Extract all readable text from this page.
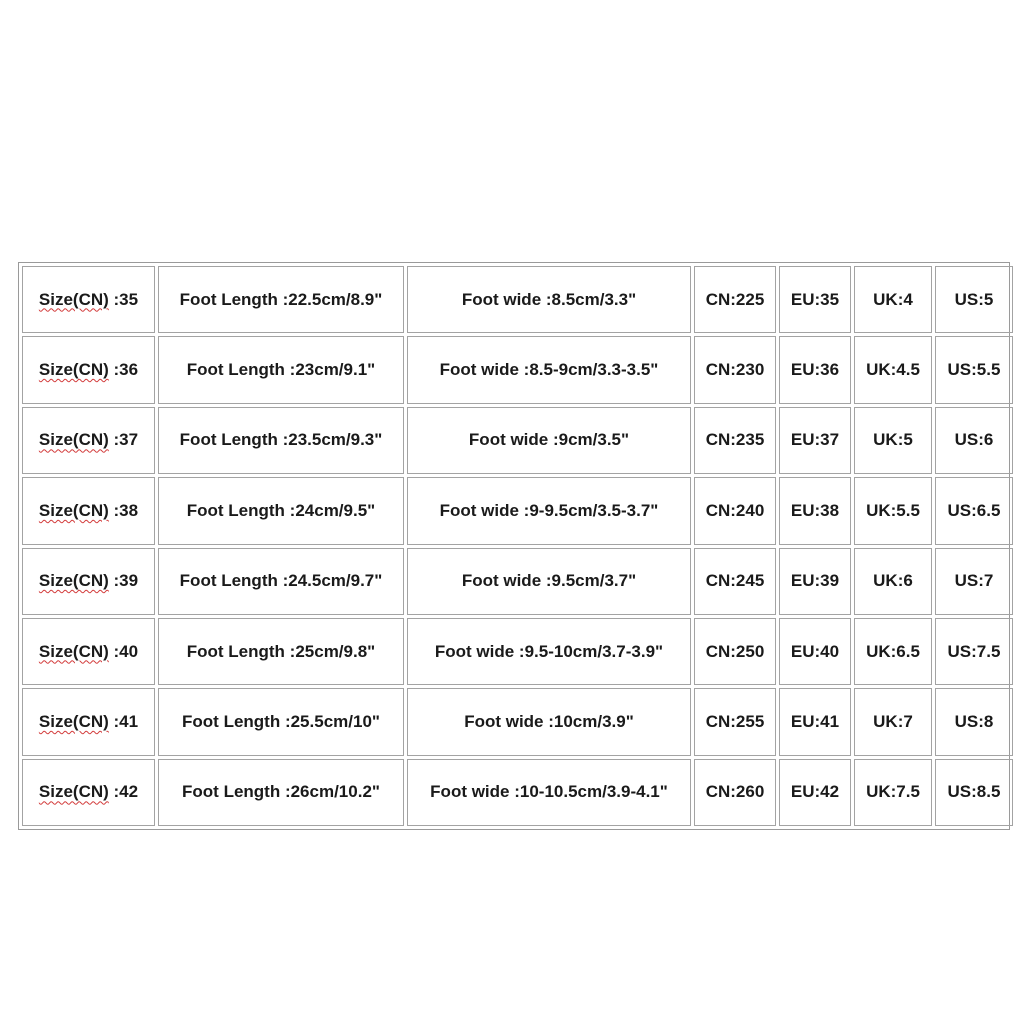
Size(CN) :35	Foot Length :22.5cm/8.9"	Foot wide :8.5cm/3.3"	CN:225	EU:35	UK:4	US:5
Size(CN) :36	Foot Length :23cm/9.1"	Foot wide :8.5-9cm/3.3-3.5"	CN:230	EU:36	UK:4.5	US:5.5
Size(CN) :37	Foot Length :23.5cm/9.3"	Foot wide :9cm/3.5"	CN:235	EU:37	UK:5	US:6
Size(CN) :38	Foot Length :24cm/9.5"	Foot wide :9-9.5cm/3.5-3.7"	CN:240	EU:38	UK:5.5	US:6.5
Size(CN) :39	Foot Length :24.5cm/9.7"	Foot wide :9.5cm/3.7"	CN:245	EU:39	UK:6	US:7
Size(CN) :40	Foot Length :25cm/9.8"	Foot wide :9.5-10cm/3.7-3.9"	CN:250	EU:40	UK:6.5	US:7.5
Size(CN) :41	Foot Length :25.5cm/10"	Foot wide :10cm/3.9"	CN:255	EU:41	UK:7	US:8
Size(CN) :42	Foot Length :26cm/10.2"	Foot wide :10-10.5cm/3.9-4.1"	CN:260	EU:42	UK:7.5	US:8.5
